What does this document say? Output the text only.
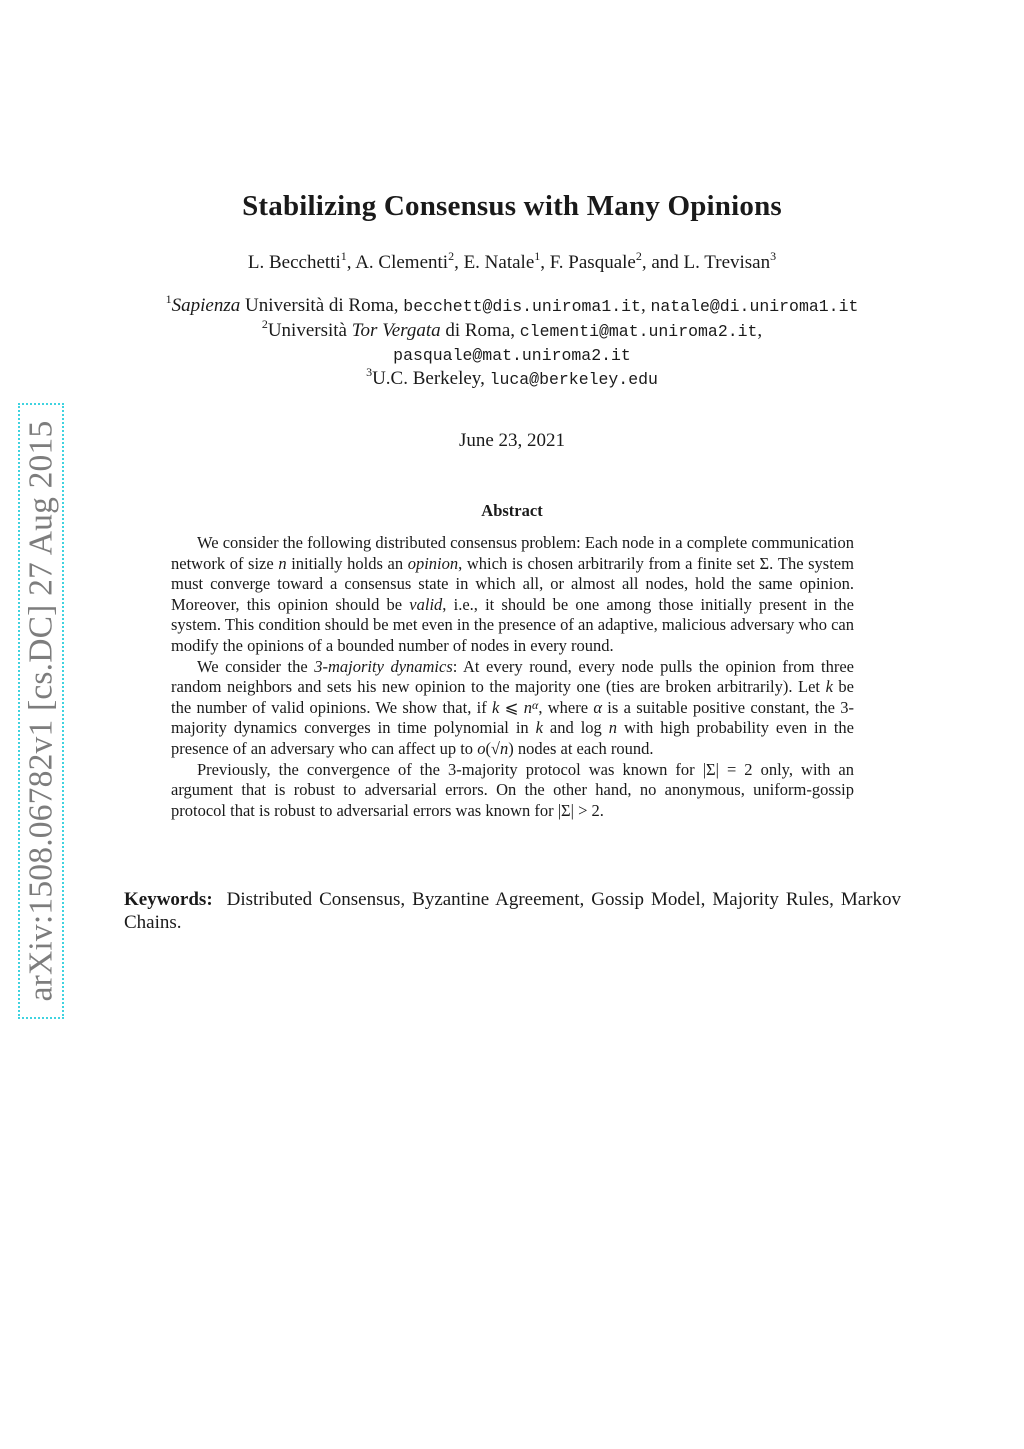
arXiv:1508.06782v1 [cs.DC] 27 Aug 2015
Stabilizing Consensus with Many Opinions
L. Becchetti$^1$, A. Clementi$^2$, E. Natale$^1$, F. Pasquale$^2$, and L. Trevisan$^3$
$^1$Sapienza Università di Roma, becchett@dis.uniroma1.it, natale@di.uniroma1.it
$^2$Università Tor Vergata di Roma, clementi@mat.uniroma2.it,
pasquale@mat.uniroma2.it
$^3$U.C. Berkeley, luca@berkeley.edu
June 23, 2021
Abstract

We consider the following distributed consensus problem: Each node in a complete communication network of size n initially holds an opinion, which is chosen arbitrarily from a finite set Σ. The system must converge toward a consensus state in which all, or almost all nodes, hold the same opinion. Moreover, this opinion should be valid, i.e., it should be one among those initially present in the system. This condition should be met even in the presence of an adaptive, malicious adversary who can modify the opinions of a bounded number of nodes in every round.

We consider the 3-majority dynamics: At every round, every node pulls the opinion from three random neighbors and sets his new opinion to the majority one (ties are broken arbitrarily). Let k be the number of valid opinions. We show that, if k ⩽ $n^\alpha$, where α is a suitable positive constant, the 3-majority dynamics converges in time polynomial in k and log n with high probability even in the presence of an adversary who can affect up to o(√n) nodes at each round.

Previously, the convergence of the 3-majority protocol was known for |Σ| = 2 only, with an argument that is robust to adversarial errors. On the other hand, no anonymous, uniform-gossip protocol that is robust to adversarial errors was known for |Σ| > 2.

Keywords: Distributed Consensus, Byzantine Agreement, Gossip Model, Majority Rules, Markov Chains.
